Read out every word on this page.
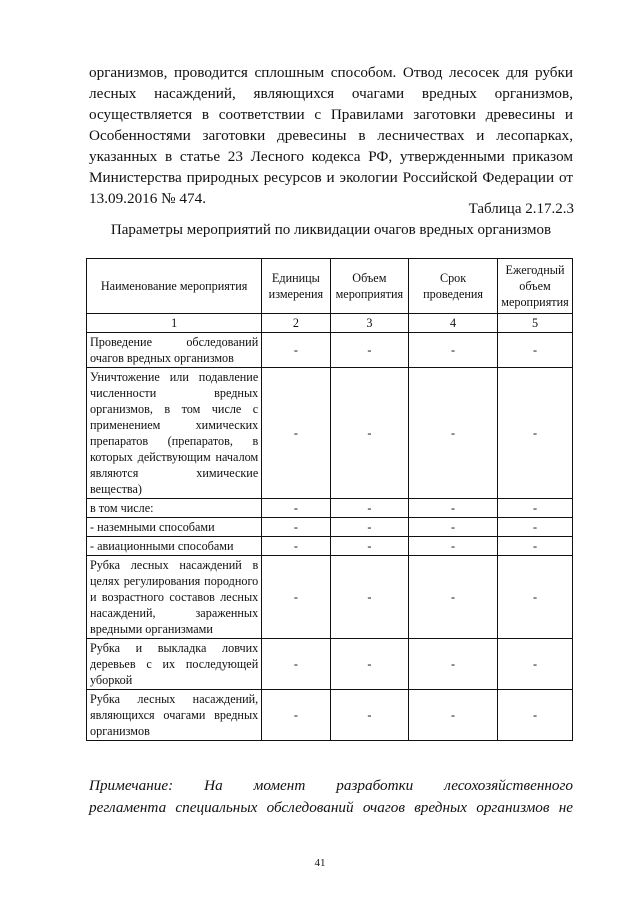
организмов, проводится сплошным способом. Отвод лесосек для рубки
лесных насаждений, являющихся очагами вредных организмов,
осуществляется в соответствии с Правилами заготовки древесины и
Особенностями заготовки древесины в лесничествах и лесопарках,
указанных в статье 23 Лесного кодекса РФ, утвержденными приказом
Министерства природных ресурсов и экологии Российской Федерации от
13.09.2016 № 474.
Таблица 2.17.2.3
Параметры мероприятий по ликвидации очагов вредных организмов
Наименование мероприятия	Единицы измерения	Объем мероприятия	Срок проведения	Ежегодный объем мероприятия
1	2	3	4	5
Проведение обследований очагов вредных организмов	-	-	-	-
Уничтожение или подавление численности вредных организмов, в том числе с применением химических препаратов (препаратов, в которых действующим началом являются химические вещества)	-	-	-	-
в том числе:	-	-	-	-
- наземными способами	-	-	-	-
- авиационными способами	-	-	-	-
Рубка лесных насаждений в целях регулирования породного и возрастного составов лесных насаждений, зараженных вредными организмами	-	-	-	-
Рубка и выкладка ловчих деревьев с их последующей уборкой	-	-	-	-
Рубка лесных насаждений, являющихся очагами вредных организмов	-	-	-	-
Примечание: На момент разработки лесохозяйственного
регламента специальных обследований очагов вредных организмов не
41
